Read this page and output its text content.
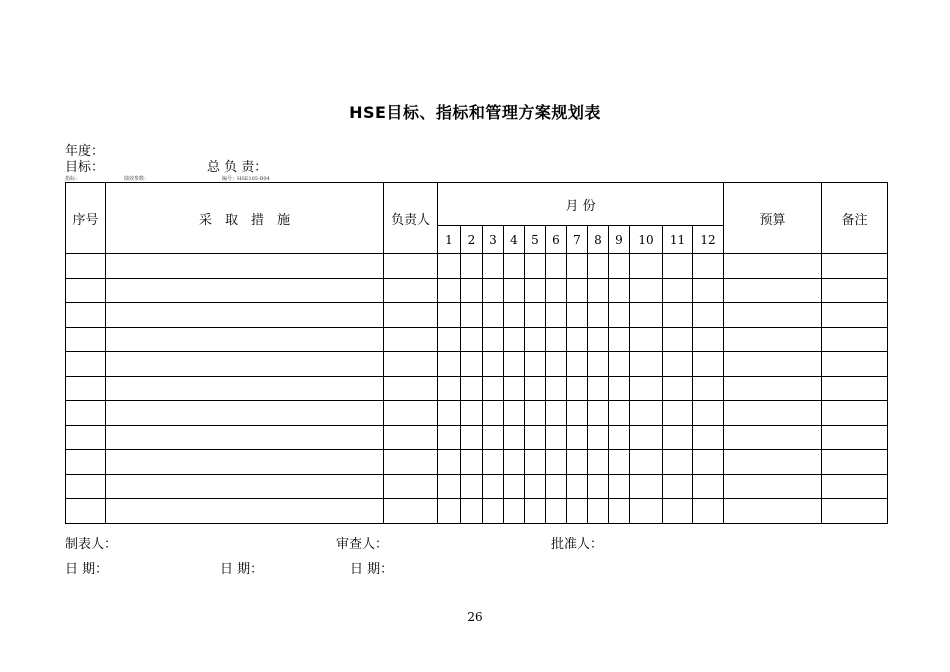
HSE目标、指标和管理方案规划表
年度：
目标：	总 负 责：
指标：	绩效参数：	编号：HSE105-B04
序号	采　取　措　施	负责人	月 份												预算	备注
			1	2	3	4	5	6	7	8	9	10	11	12		

制表人：	审查人：	批准人：
日 期：	日 期：	日 期：
26
